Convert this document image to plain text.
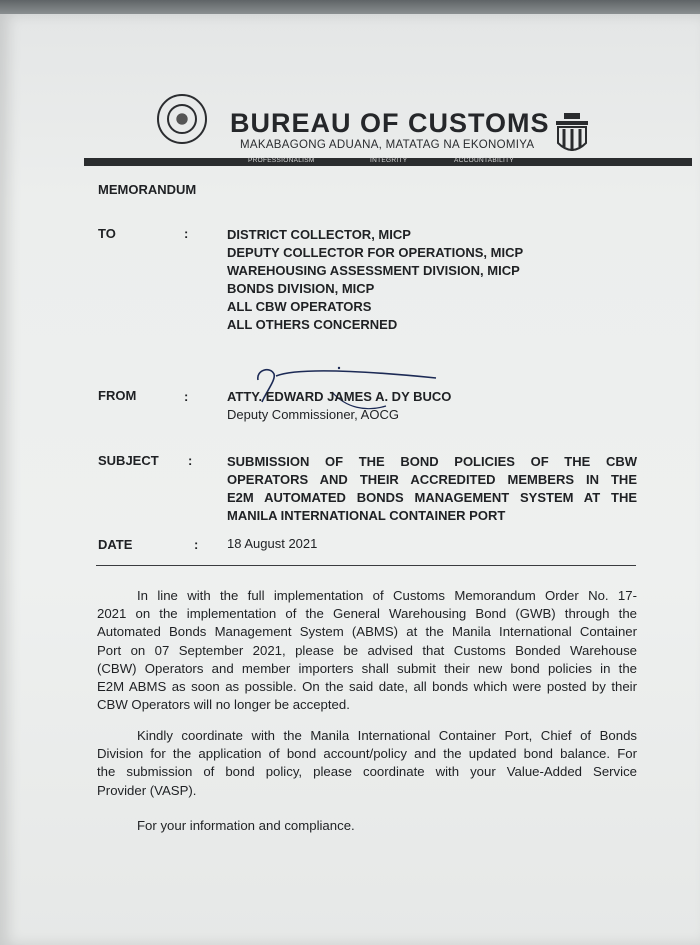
BUREAU OF CUSTOMS
MAKABAGONG ADUANA, MATATAG NA EKONOMIYA
PROFESSIONALISM	INTEGRITY	ACCOUNTABILITY
MEMORANDUM
TO	:	DISTRICT COLLECTOR, MICP
DEPUTY COLLECTOR FOR OPERATIONS, MICP
WAREHOUSING ASSESSMENT DIVISION, MICP
BONDS DIVISION, MICP
ALL CBW OPERATORS
ALL OTHERS CONCERNED
FROM	:	ATTY. EDWARD JAMES A. DY BUCO
Deputy Commissioner, AOCG
SUBJECT :	SUBMISSION OF THE BOND POLICIES OF THE CBW
OPERATORS AND THEIR ACCREDITED MEMBERS IN THE
E2M AUTOMATED BONDS MANAGEMENT SYSTEM AT THE
MANILA INTERNATIONAL CONTAINER PORT
DATE	: 18 August 2021
In line with the full implementation of Customs Memorandum Order No. 17-
2021 on the implementation of the General Warehousing Bond (GWB) through the
Automated Bonds Management System (ABMS) at the Manila International Container
Port on 07 September 2021, please be advised that Customs Bonded Warehouse
(CBW) Operators and member importers shall submit their new bond policies in the
E2M ABMS as soon as possible. On the said date, all bonds which were posted by their
CBW Operators will no longer be accepted.
Kindly coordinate with the Manila International Container Port, Chief of Bonds
Division for the application of bond account/policy and the updated bond balance. For
the submission of bond policy, please coordinate with your Value-Added Service
Provider (VASP).
For your information and compliance.
